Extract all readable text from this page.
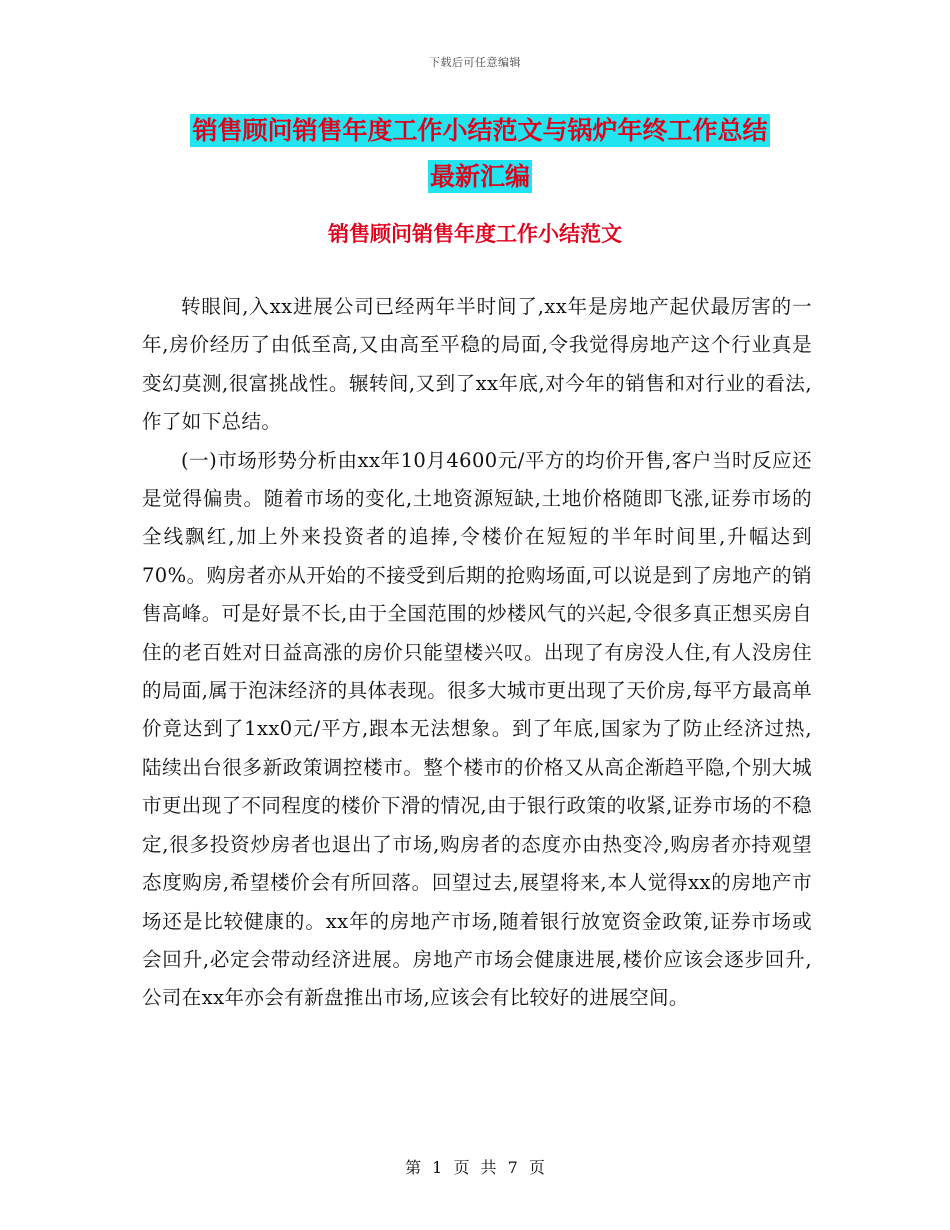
下载后可任意编辑
销售顾问销售年度工作小结范文与锅炉年终工作总结
最新汇编
销售顾问销售年度工作小结范文

转眼间,入xx进展公司已经两年半时间了,xx年是房地产起伏最厉害的一年,房价经历了由低至高,又由高至平稳的局面,令我觉得房地产这个行业真是变幻莫测,很富挑战性。辗转间,又到了xx年底,对今年的销售和对行业的看法,作了如下总结。

(一)市场形势分析由xx年10月4600元/平方的均价开售,客户当时反应还是觉得偏贵。随着市场的变化,土地资源短缺,土地价格随即飞涨,证券市场的全线飘红,加上外来投资者的追捧,令楼价在短短的半年时间里,升幅达到70%。购房者亦从开始的不接受到后期的抢购场面,可以说是到了房地产的销售高峰。可是好景不长,由于全国范围的炒楼风气的兴起,令很多真正想买房自住的老百姓对日益高涨的房价只能望楼兴叹。出现了有房没人住,有人没房住的局面,属于泡沫经济的具体表现。很多大城市更出现了天价房,每平方最高单价竟达到了1xx0元/平方,跟本无法想象。到了年底,国家为了防止经济过热,陆续出台很多新政策调控楼市。整个楼市的价格又从高企渐趋平隐,个别大城市更出现了不同程度的楼价下滑的情况,由于银行政策的收紧,证券市场的不稳定,很多投资炒房者也退出了市场,购房者的态度亦由热变冷,购房者亦持观望态度购房,希望楼价会有所回落。回望过去,展望将来,本人觉得xx的房地产市场还是比较健康的。xx年的房地产市场,随着银行放宽资金政策,证券市场或会回升,必定会带动经济进展。房地产市场会健康进展,楼价应该会逐步回升,公司在xx年亦会有新盘推出市场,应该会有比较好的进展空间。

第 1 页 共 7 页
